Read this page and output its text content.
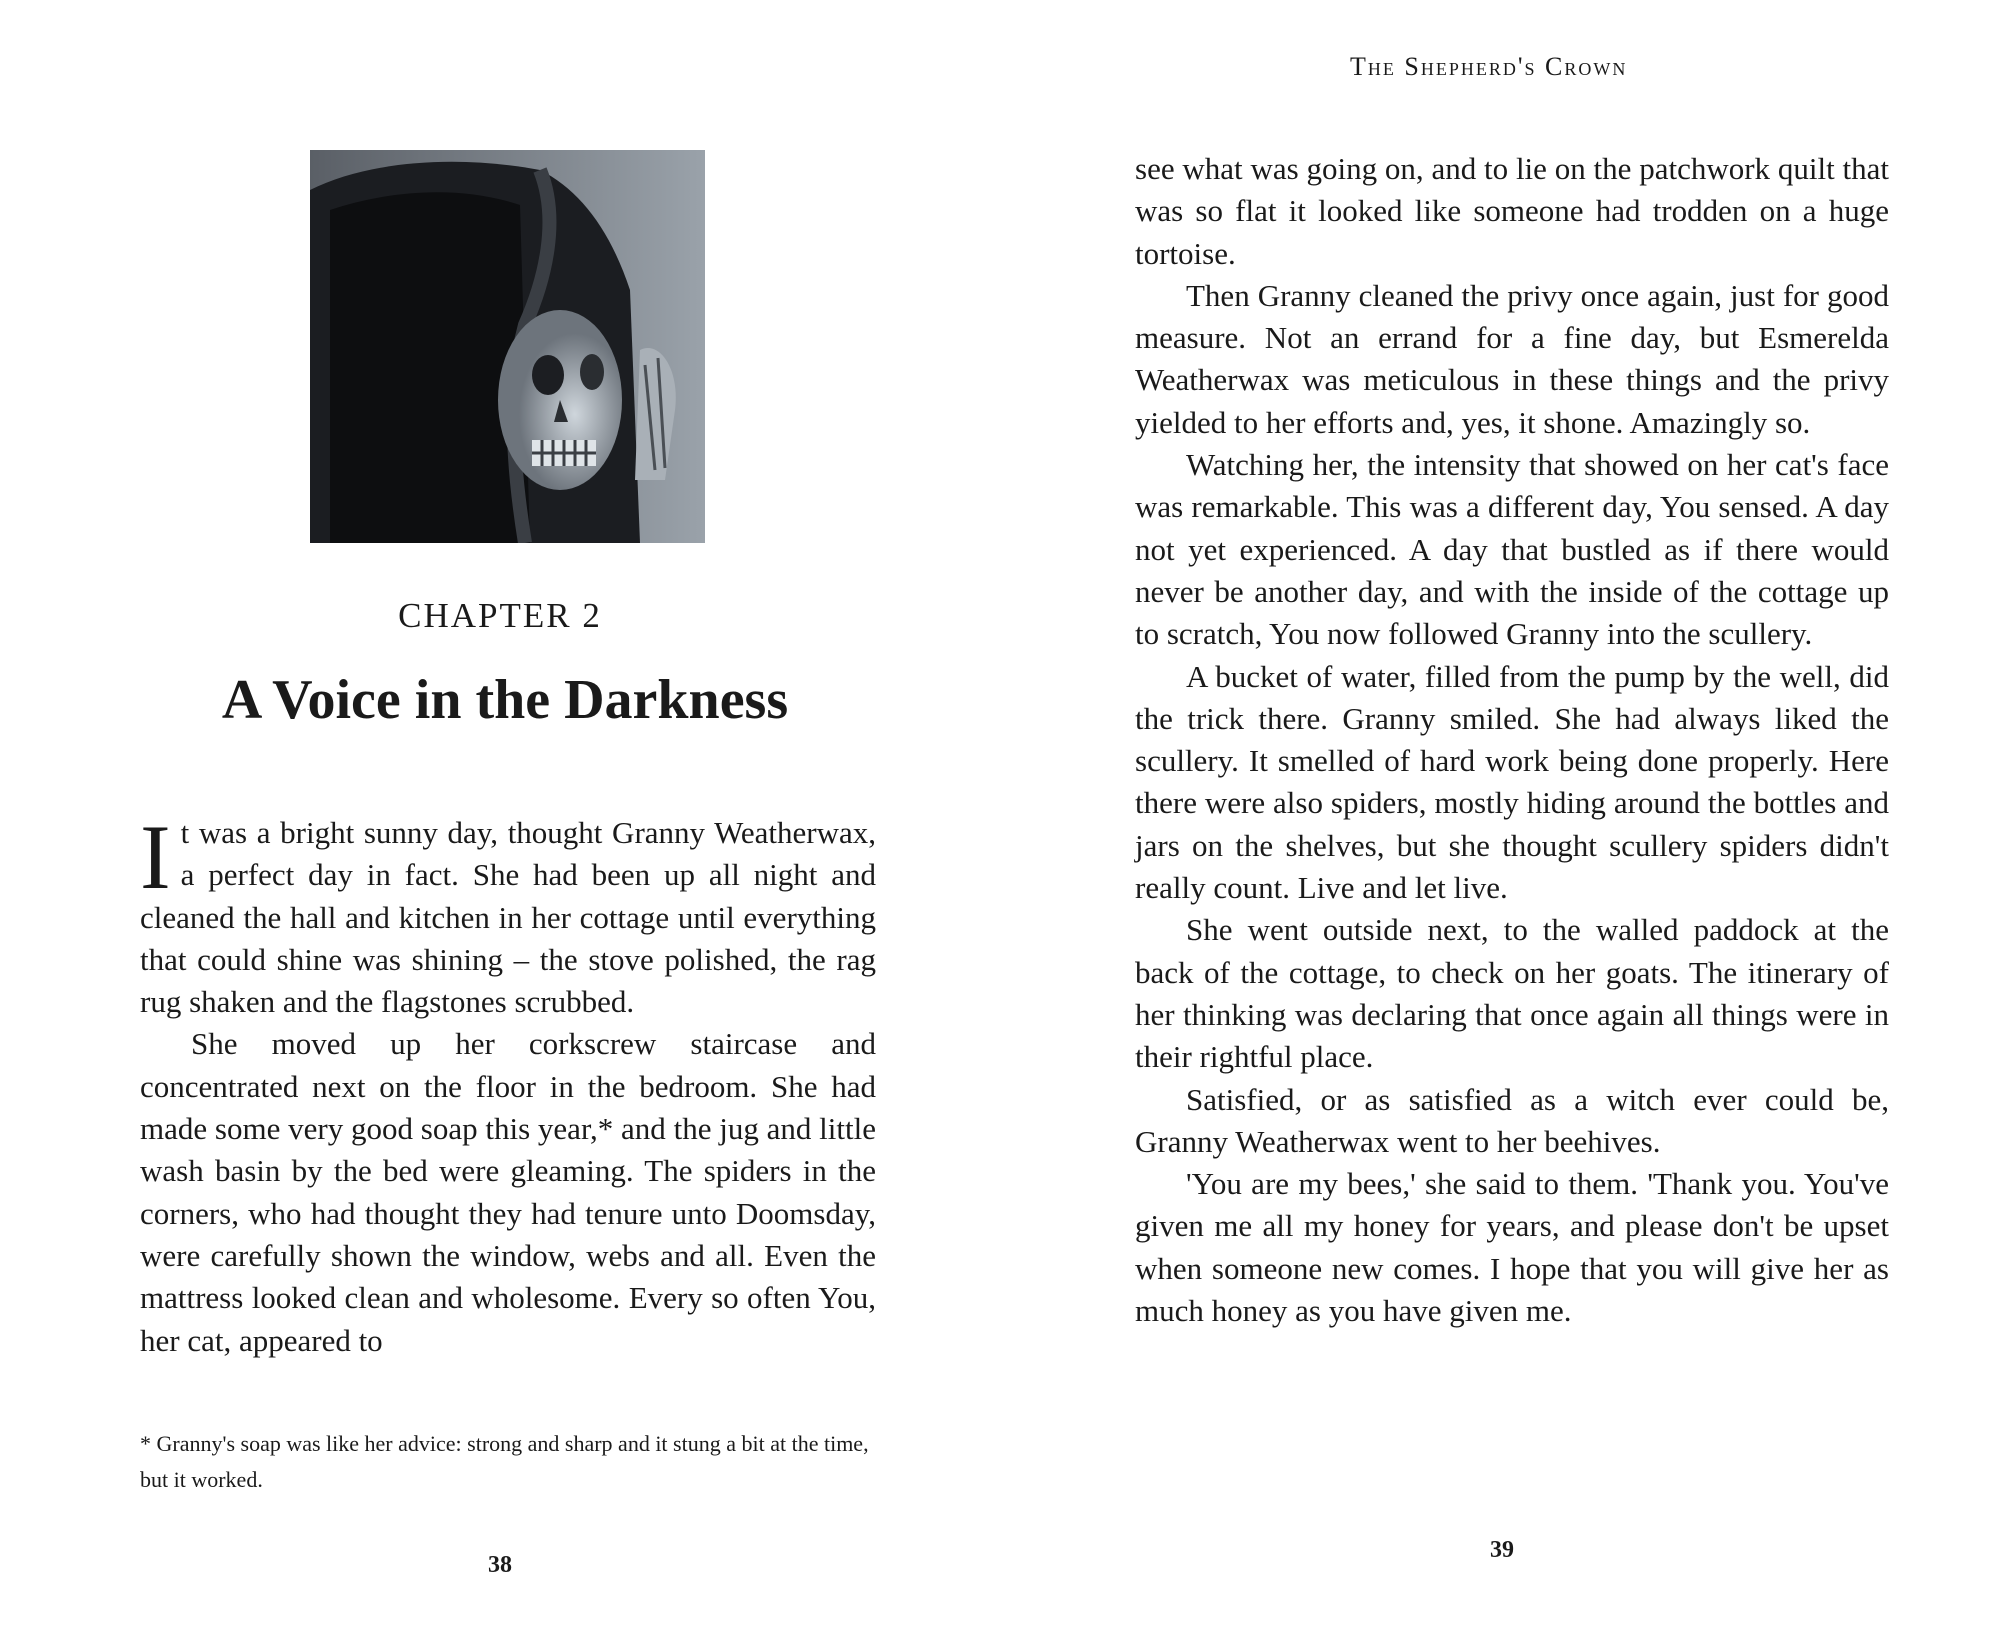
CHAPTER 2
A Voice in the Darkness

It was a bright sunny day, thought Granny Weatherwax, a perfect day in fact. She had been up all night and cleaned the hall and kitchen in her cottage until everything that could shine was shining – the stove polished, the rag rug shaken and the flagstones scrubbed.

She moved up her corkscrew staircase and concentrated next on the floor in the bedroom. She had made some very good soap this year,* and the jug and little wash basin by the bed were gleaming. The spiders in the corners, who had thought they had tenure unto Doomsday, were carefully shown the window, webs and all. Even the mattress looked clean and wholesome. Every so often You, her cat, appeared to

* Granny's soap was like her advice: strong and sharp and it stung a bit at the time, but it worked.
38
The Shepherd's Crown

see what was going on, and to lie on the patchwork quilt that was so flat it looked like someone had trodden on a huge tortoise.

Then Granny cleaned the privy once again, just for good measure. Not an errand for a fine day, but Esmerelda Weatherwax was meticulous in these things and the privy yielded to her efforts and, yes, it shone. Amazingly so.

Watching her, the intensity that showed on her cat's face was remarkable. This was a different day, You sensed. A day not yet experienced. A day that bustled as if there would never be another day, and with the inside of the cottage up to scratch, You now followed Granny into the scullery.

A bucket of water, filled from the pump by the well, did the trick there. Granny smiled. She had always liked the scullery. It smelled of hard work being done properly. Here there were also spiders, mostly hiding around the bottles and jars on the shelves, but she thought scullery spiders didn't really count. Live and let live.

She went outside next, to the walled paddock at the back of the cottage, to check on her goats. The itinerary of her thinking was declaring that once again all things were in their rightful place.

Satisfied, or as satisfied as a witch ever could be, Granny Weatherwax went to her beehives.

'You are my bees,' she said to them. 'Thank you. You've given me all my honey for years, and please don't be upset when someone new comes. I hope that you will give her as much honey as you have given me.

39
